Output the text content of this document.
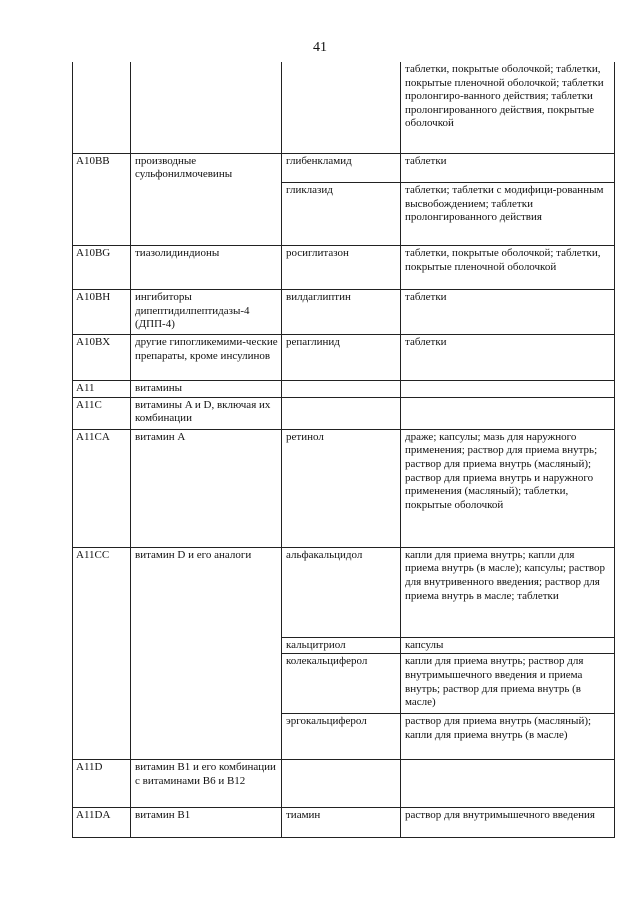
41
			таблетки, покрытые оболочкой; таблетки, покрытые пленочной оболочкой; таблетки пролонгиро-ванного действия; таблетки пролонгированного действия, покрытые оболочкой
A10BB	производные сульфонилмочевины	глибенкламид	таблетки
		гликлазид	таблетки; таблетки с модифици-рованным высвобождением; таблетки пролонгированного действия
A10BG	тиазолидиндионы	росиглитазон	таблетки, покрытые оболочкой; таблетки, покрытые пленочной оболочкой
A10BH	ингибиторы дипептидилпептидазы-4 (ДПП-4)	вилдаглиптин	таблетки
A10BX	другие гипогликемими-ческие препараты, кроме инсулинов	репаглинид	таблетки
A11	витамины		
A11C	витамины A и D, включая их комбинации		
A11CA	витамин A	ретинол	драже; капсулы; мазь для наружного применения; раствор для приема внутрь; раствор для приема внутрь (масляный); раствор для приема внутрь и наружного применения (масляный); таблетки, покрытые оболочкой
A11CC	витамин D и его аналоги	альфакальцидол	капли для приема внутрь; капли для приема внутрь (в масле); капсулы; раствор для внутривенного введения; раствор для приема внутрь в масле; таблетки
		кальцитриол	капсулы
		колекальциферол	капли для приема внутрь; раствор для внутримышечного введения и приема внутрь; раствор для приема внутрь (в масле)
		эргокальциферол	раствор для приема внутрь (масляный); капли для приема внутрь (в масле)
A11D	витамин B1 и его комбинации с витаминами B6 и B12		
A11DA	витамин B1	тиамин	раствор для внутримышечного введения
